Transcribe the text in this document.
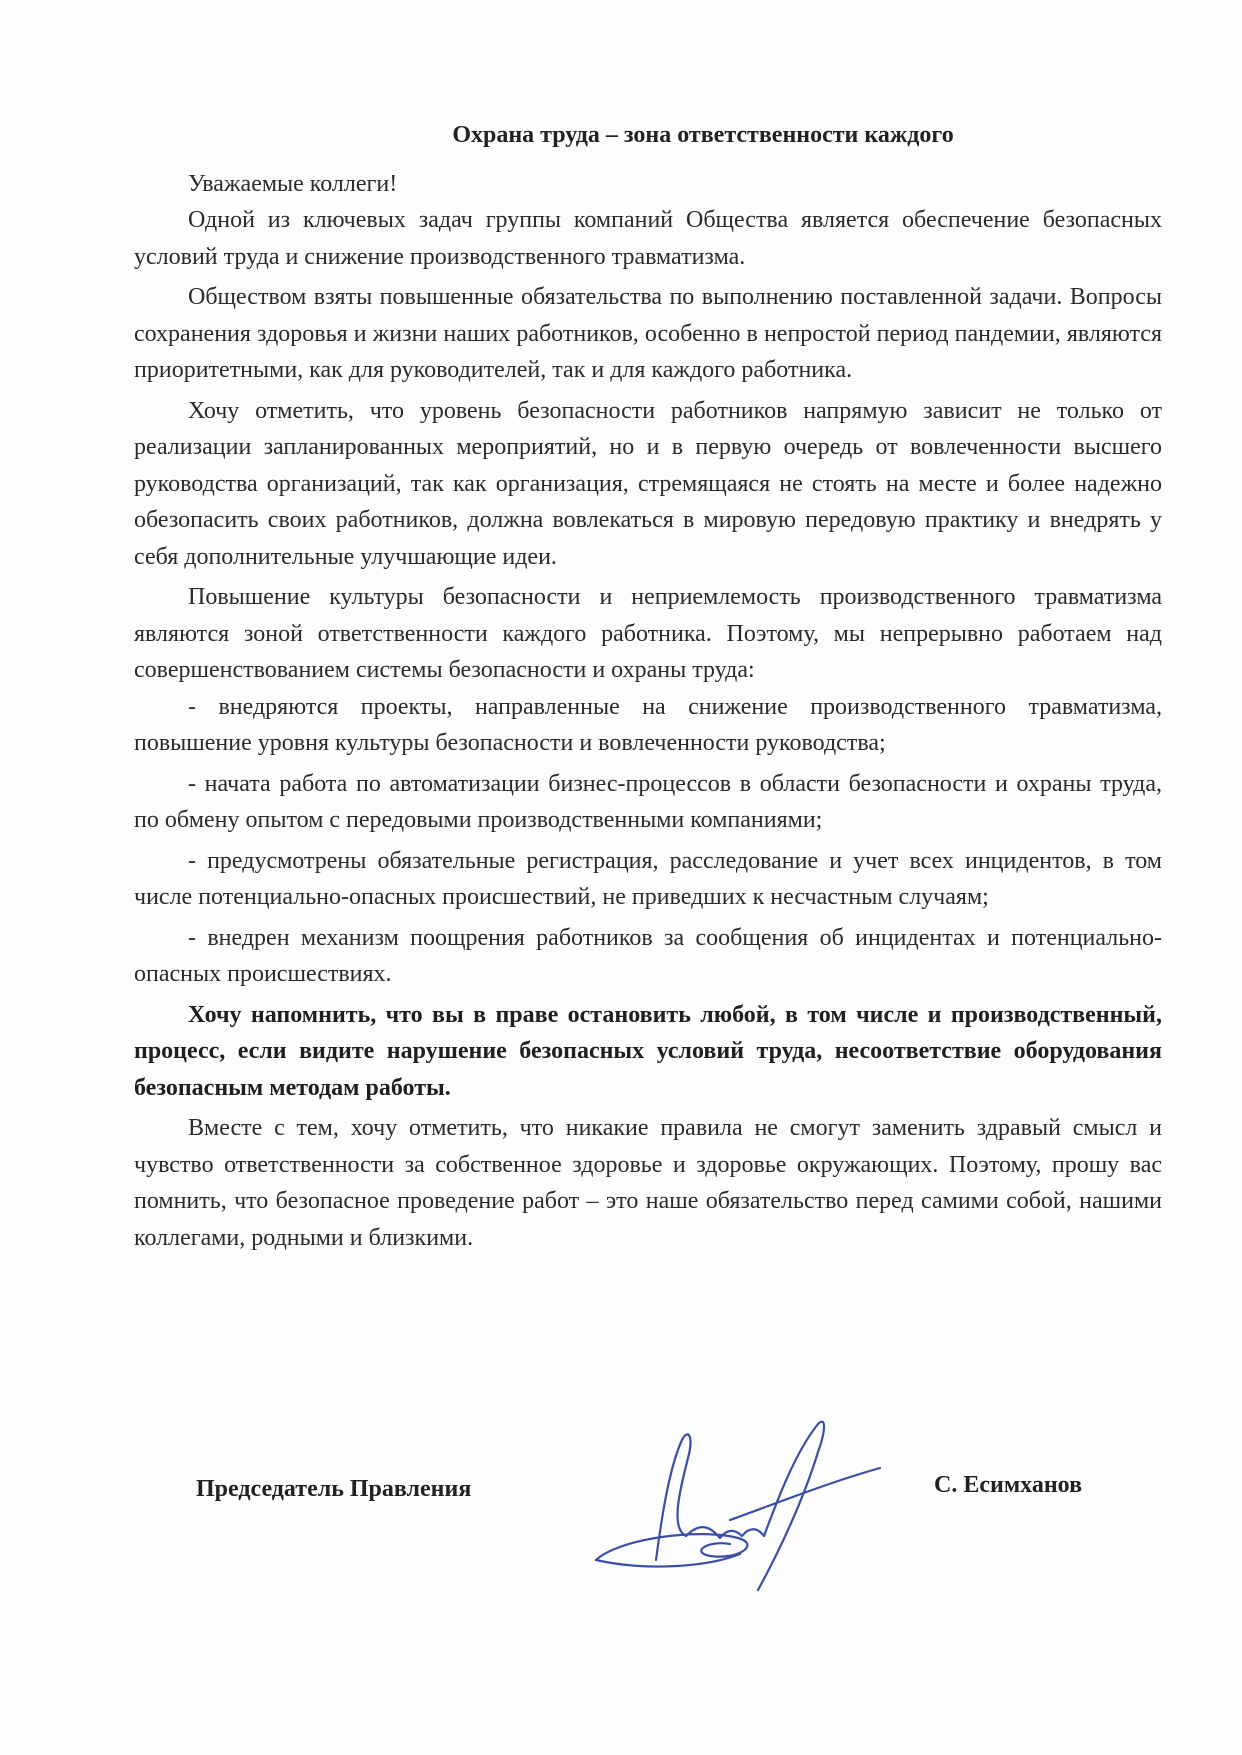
Охрана труда – зона ответственности каждого

Уважаемые коллеги!

Одной из ключевых задач группы компаний Общества является обеспечение безопасных условий труда и снижение производственного травматизма.

Обществом взяты повышенные обязательства по выполнению поставленной задачи. Вопросы сохранения здоровья и жизни наших работников, особенно в непростой период пандемии, являются приоритетными, как для руководителей, так и для каждого работника.

Хочу отметить, что уровень безопасности работников напрямую зависит не только от реализации запланированных мероприятий, но и в первую очередь от вовлеченности высшего руководства организаций, так как организация, стремящаяся не стоять на месте и более надежно обезопасить своих работников, должна вовлекаться в мировую передовую практику и внедрять у себя дополнительные улучшающие идеи.

Повышение культуры безопасности и неприемлемость производственного травматизма являются зоной ответственности каждого работника. Поэтому, мы непрерывно работаем над совершенствованием системы безопасности и охраны труда:

- внедряются проекты, направленные на снижение производственного травматизма, повышение уровня культуры безопасности и вовлеченности руководства;

- начата работа по автоматизации бизнес-процессов в области безопасности и охраны труда, по обмену опытом с передовыми производственными компаниями;

- предусмотрены обязательные регистрация, расследование и учет всех инцидентов, в том числе потенциально-опасных происшествий, не приведших к несчастным случаям;

- внедрен механизм поощрения работников за сообщения об инцидентах и потенциально-опасных происшествиях.

Хочу напомнить, что вы в праве остановить любой, в том числе и производственный, процесс, если видите нарушение безопасных условий труда, несоответствие оборудования безопасным методам работы.

Вместе с тем, хочу отметить, что никакие правила не смогут заменить здравый смысл и чувство ответственности за собственное здоровье и здоровье окружающих. Поэтому, прошу вас помнить, что безопасное проведение работ – это наше обязательство перед самими собой, нашими коллегами, родными и близкими.

Председатель Правления	С. Есимханов
